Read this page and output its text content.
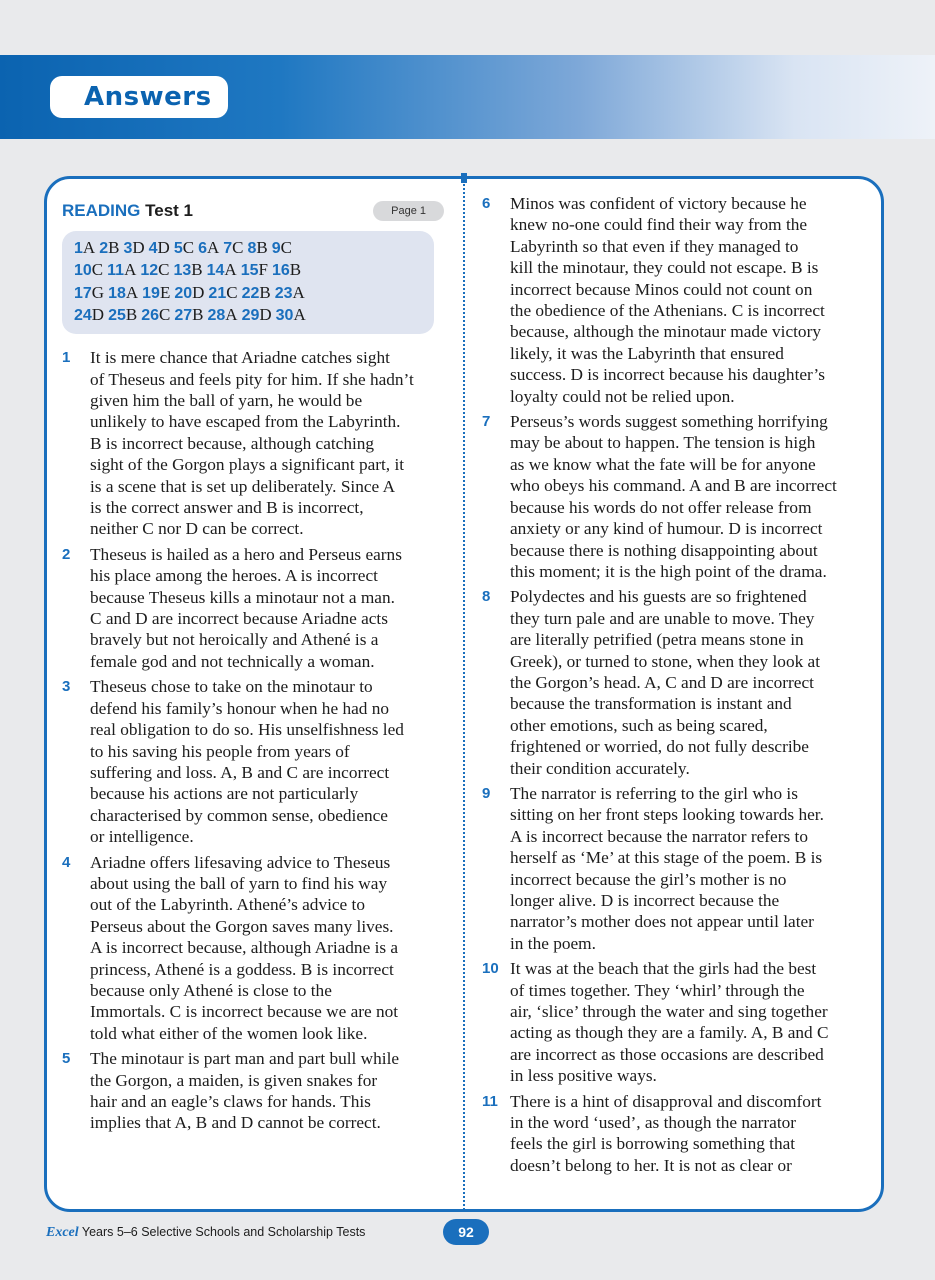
Answers
READING Test 1	Page 1
1A 2B 3D 4D 5C 6A 7C 8B 9C
10C 11A 12C 13B 14A 15F 16B
17G 18A 19E 20D 21C 22B 23A
24D 25B 26C 27B 28A 29D 30A
1	It is mere chance that Ariadne catches sight
of Theseus and feels pity for him. If she hadn’t
given him the ball of yarn, he would be
unlikely to have escaped from the Labyrinth.
B is incorrect because, although catching
sight of the Gorgon plays a significant part, it
is a scene that is set up deliberately. Since A
is the correct answer and B is incorrect,
neither C nor D can be correct.
2	Theseus is hailed as a hero and Perseus earns
his place among the heroes. A is incorrect
because Theseus kills a minotaur not a man.
C and D are incorrect because Ariadne acts
bravely but not heroically and Athené is a
female god and not technically a woman.
3	Theseus chose to take on the minotaur to
defend his family’s honour when he had no
real obligation to do so. His unselfishness led
to his saving his people from years of
suffering and loss. A, B and C are incorrect
because his actions are not particularly
characterised by common sense, obedience
or intelligence.
4	Ariadne offers lifesaving advice to Theseus
about using the ball of yarn to find his way
out of the Labyrinth. Athené’s advice to
Perseus about the Gorgon saves many lives.
A is incorrect because, although Ariadne is a
princess, Athené is a goddess. B is incorrect
because only Athené is close to the
Immortals. C is incorrect because we are not
told what either of the women look like.
5	The minotaur is part man and part bull while
the Gorgon, a maiden, is given snakes for
hair and an eagle’s claws for hands. This
implies that A, B and D cannot be correct.
6	Minos was confident of victory because he
knew no-one could find their way from the
Labyrinth so that even if they managed to
kill the minotaur, they could not escape. B is
incorrect because Minos could not count on
the obedience of the Athenians. C is incorrect
because, although the minotaur made victory
likely, it was the Labyrinth that ensured
success. D is incorrect because his daughter’s
loyalty could not be relied upon.
7	Perseus’s words suggest something horrifying
may be about to happen. The tension is high
as we know what the fate will be for anyone
who obeys his command. A and B are incorrect
because his words do not offer release from
anxiety or any kind of humour. D is incorrect
because there is nothing disappointing about
this moment; it is the high point of the drama.
8	Polydectes and his guests are so frightened
they turn pale and are unable to move. They
are literally petrified (petra means stone in
Greek), or turned to stone, when they look at
the Gorgon’s head. A, C and D are incorrect
because the transformation is instant and
other emotions, such as being scared,
frightened or worried, do not fully describe
their condition accurately.
9	The narrator is referring to the girl who is
sitting on her front steps looking towards her.
A is incorrect because the narrator refers to
herself as ‘Me’ at this stage of the poem. B is
incorrect because the girl’s mother is no
longer alive. D is incorrect because the
narrator’s mother does not appear until later
in the poem.
10 It was at the beach that the girls had the best
of times together. They ‘whirl’ through the
air, ‘slice’ through the water and sing together
acting as though they are a family. A, B and C
are incorrect as those occasions are described
in less positive ways.
11 There is a hint of disapproval and discomfort
in the word ‘used’, as though the narrator
feels the girl is borrowing something that
doesn’t belong to her. It is not as clear or
Excel Years 5–6 Selective Schools and Scholarship Tests	92
